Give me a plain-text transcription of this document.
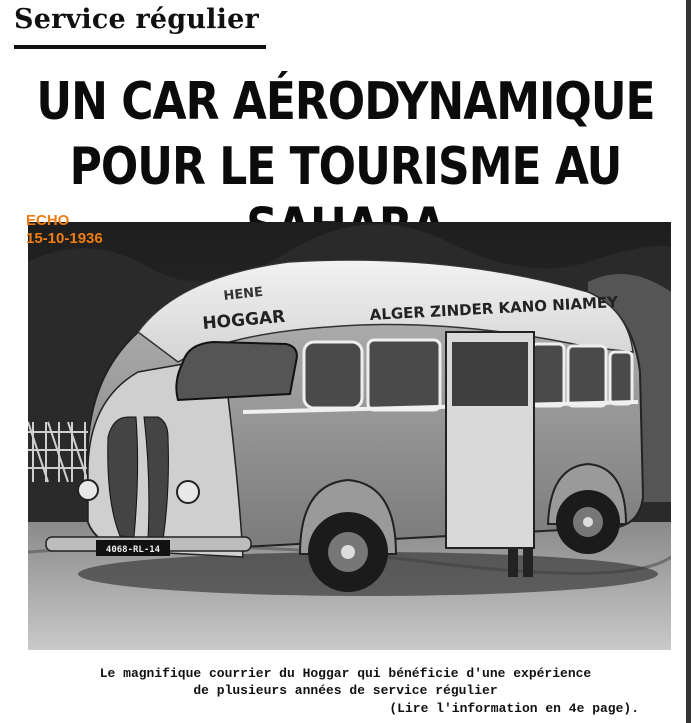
Service régulier
UN CAR AÉRODYNAMIQUE
POUR LE TOURISME AU
4068-RL-14
HENE
HOGGAR	ALGER ZINDER KANO NIAMEY
ECHO
15-10-1936
Le magnifique courrier du Hoggar qui bénéficie d'une expérience
de plusieurs années de service régulier
(Lire l'information en 4e page).
